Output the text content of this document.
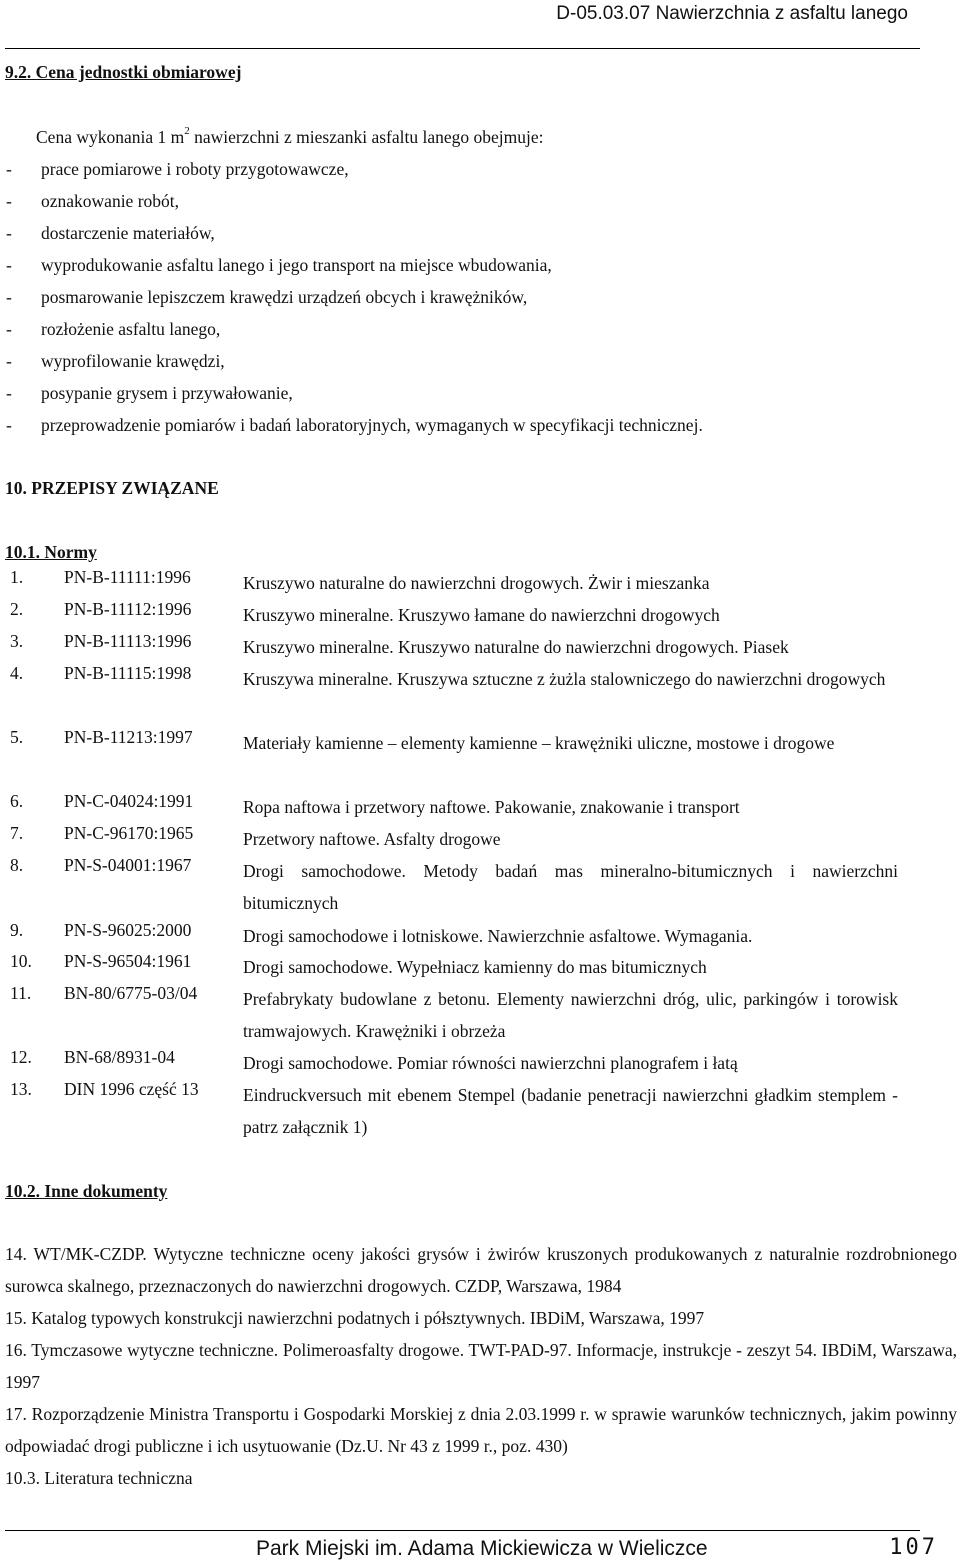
D-05.03.07 Nawierzchnia z asfaltu lanego
9.2. Cena jednostki obmiarowej
Cena wykonania 1 $m^2$ nawierzchni z mieszanki asfaltu lanego obejmuje:
- prace pomiarowe i roboty przygotowawcze,
- oznakowanie robót,
- dostarczenie materiałów,
- wyprodukowanie asfaltu lanego i jego transport na miejsce wbudowania,
- posmarowanie lepiszczem krawędzi urządzeń obcych i krawężników,
- rozłożenie asfaltu lanego,
- wyprofilowanie krawędzi,
- posypanie grysem i przywałowanie,
- przeprowadzenie pomiarów i badań laboratoryjnych, wymaganych w specyfikacji technicznej.
10. PRZEPISY ZWIĄZANE
10.1. Normy
1. PN-B-11111:1996	Kruszywo naturalne do nawierzchni drogowych. Żwir i mieszanka
2. PN-B-11112:1996	Kruszywo mineralne. Kruszywo łamane do nawierzchni drogowych
3. PN-B-11113:1996	Kruszywo mineralne. Kruszywo naturalne do nawierzchni drogowych. Piasek
4. PN-B-11115:1998	Kruszywa mineralne. Kruszywa sztuczne z żużla stalowniczego do nawierzchni drogowych
5. PN-B-11213:1997	Materiały kamienne – elementy kamienne – krawężniki uliczne, mostowe i drogowe
6. PN-C-04024:1991	Ropa naftowa i przetwory naftowe. Pakowanie, znakowanie i transport
7. PN-C-96170:1965	Przetwory naftowe. Asfalty drogowe
8. PN-S-04001:1967	Drogi samochodowe. Metody badań mas mineralno-bitumicznych i nawierzchni bitumicznych
9. PN-S-96025:2000	Drogi samochodowe i lotniskowe. Nawierzchnie asfaltowe. Wymagania.
10. PN-S-96504:1961	Drogi samochodowe. Wypełniacz kamienny do mas bitumicznych
11. BN-80/6775-03/04	Prefabrykaty budowlane z betonu. Elementy nawierzchni dróg, ulic, parkingów i torowisk tramwajowych. Krawężniki i obrzeża
12. BN-68/8931-04	Drogi samochodowe. Pomiar równości nawierzchni planografem i łatą
13. DIN 1996 część 13	Eindruckversuch mit ebenem Stempel (badanie penetracji nawierzchni gładkim stemplem - patrz załącznik 1)
10.2. Inne dokumenty
14. WT/MK-CZDP. Wytyczne techniczne oceny jakości grysów i żwirów kruszonych produkowanych z naturalnie rozdrobnionego surowca skalnego, przeznaczonych do nawierzchni drogowych. CZDP, Warszawa, 1984
15. Katalog typowych konstrukcji nawierzchni podatnych i półsztywnych. IBDiM, Warszawa, 1997
16. Tymczasowe wytyczne techniczne. Polimeroasfalty drogowe. TWT-PAD-97. Informacje, instrukcje - zeszyt 54. IBDiM, Warszawa, 1997
17. Rozporządzenie Ministra Transportu i Gospodarki Morskiej z dnia 2.03.1999 r. w sprawie warunków technicznych, jakim powinny odpowiadać drogi publiczne i ich usytuowanie (Dz.U. Nr 43 z 1999 r., poz. 430)
10.3. Literatura techniczna
Park Miejski im. Adama Mickiewicza w Wieliczce	107
